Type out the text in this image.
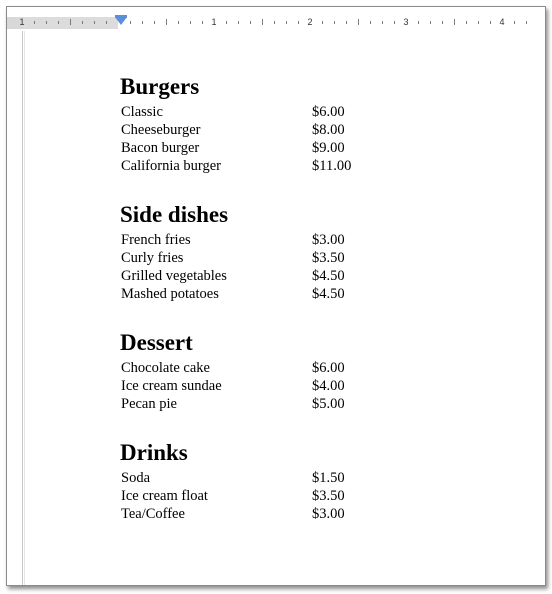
1	1	2	3	4
Burgers
Classic	$6.00
Cheeseburger	$8.00
Bacon burger	$9.00
California burger	$11.00
Side dishes
French fries	$3.00
Curly fries	$3.50
Grilled vegetables	$4.50
Mashed potatoes	$4.50
Dessert
Chocolate cake	$6.00
Ice cream sundae	$4.00
Pecan pie	$5.00
Drinks
Soda	$1.50
Ice cream float	$3.50
Tea/Coffee	$3.00
